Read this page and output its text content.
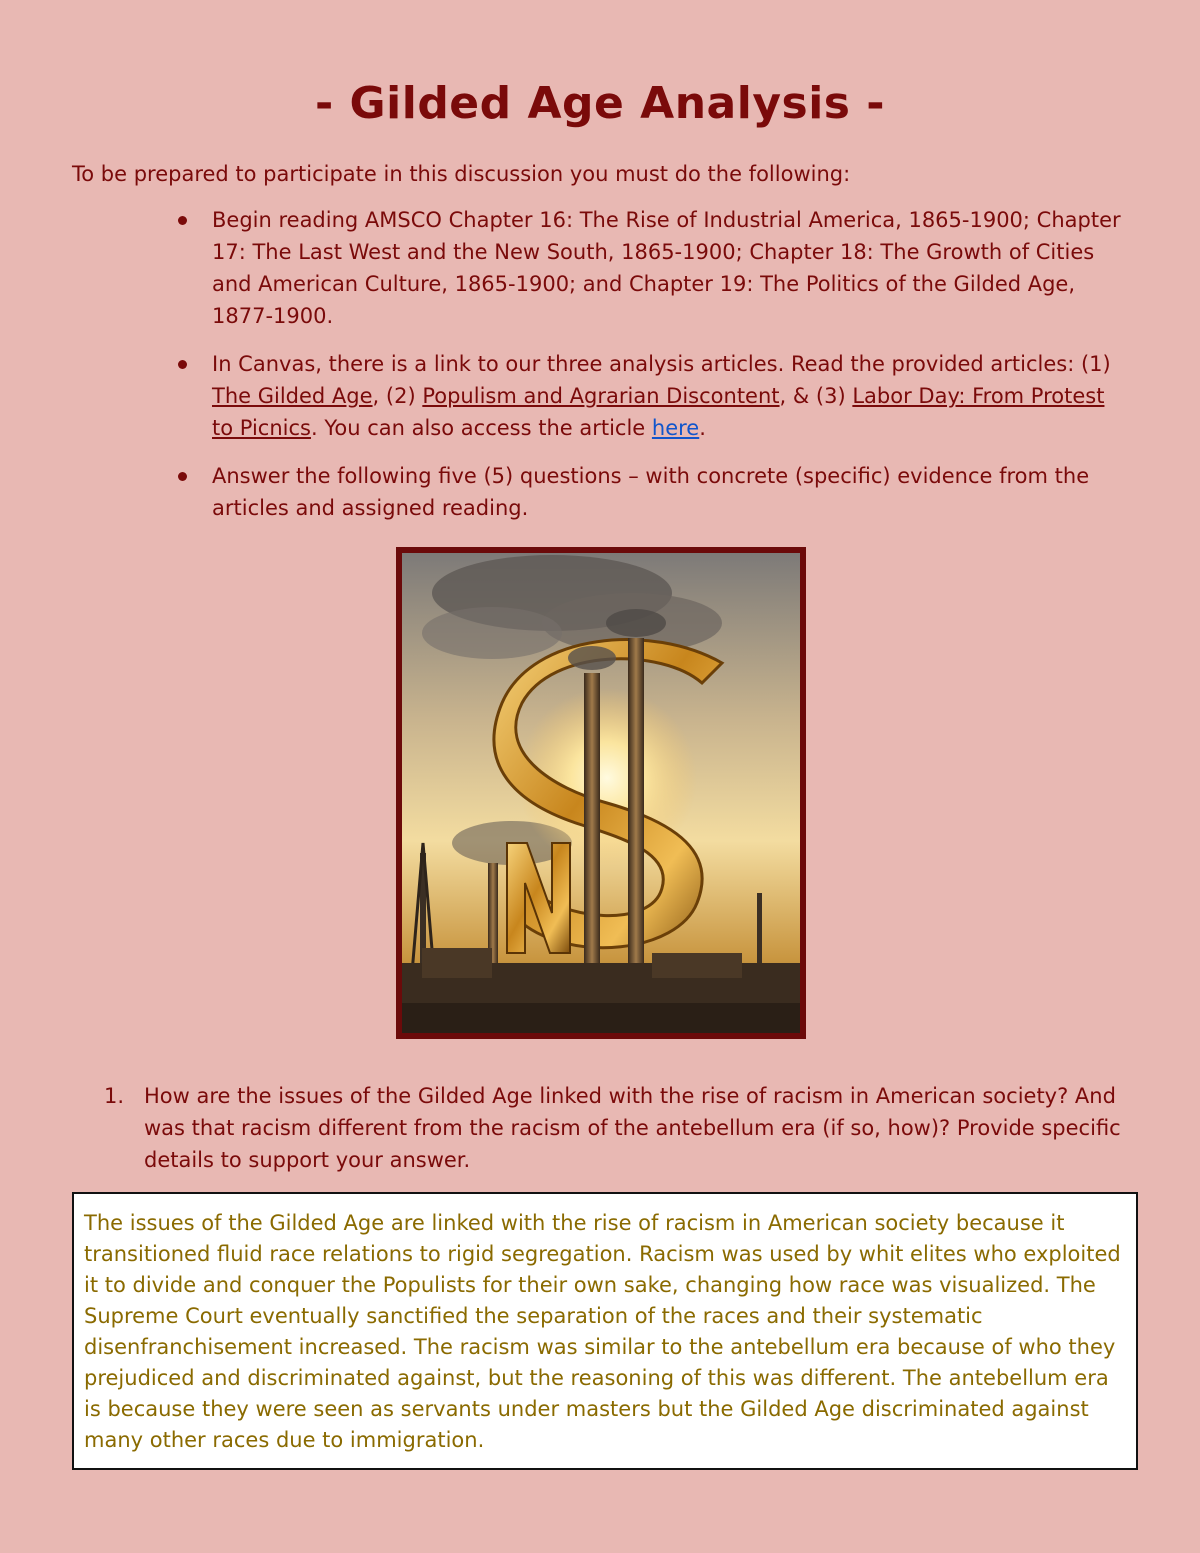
- Gilded Age Analysis -
To be prepared to participate in this discussion you must do the following:
Begin reading AMSCO Chapter 16: The Rise of Industrial America, 1865-1900; Chapter 17: The Last West and the New South, 1865-1900; Chapter 18: The Growth of Cities and American Culture, 1865-1900; and Chapter 19: The Politics of the Gilded Age, 1877-1900.
In Canvas, there is a link to our three analysis articles. Read the provided articles: (1) The Gilded Age, (2) Populism and Agrarian Discontent, & (3) Labor Day: From Protest to Picnics. You can also access the article here.
Answer the following five (5) questions – with concrete (specific) evidence from the articles and assigned reading.
1. How are the issues of the Gilded Age linked with the rise of racism in American society? And was that racism different from the racism of the antebellum era (if so, how)? Provide specific details to support your answer.
The issues of the Gilded Age are linked with the rise of racism in American society because it transitioned fluid race relations to rigid segregation. Racism was used by whit elites who exploited it to divide and conquer the Populists for their own sake, changing how race was visualized. The Supreme Court eventually sanctified the separation of the races and their systematic disenfranchisement increased. The racism was similar to the antebellum era because of who they prejudiced and discriminated against, but the reasoning of this was different. The antebellum era is because they were seen as servants under masters but the Gilded Age discriminated against many other races due to immigration.
